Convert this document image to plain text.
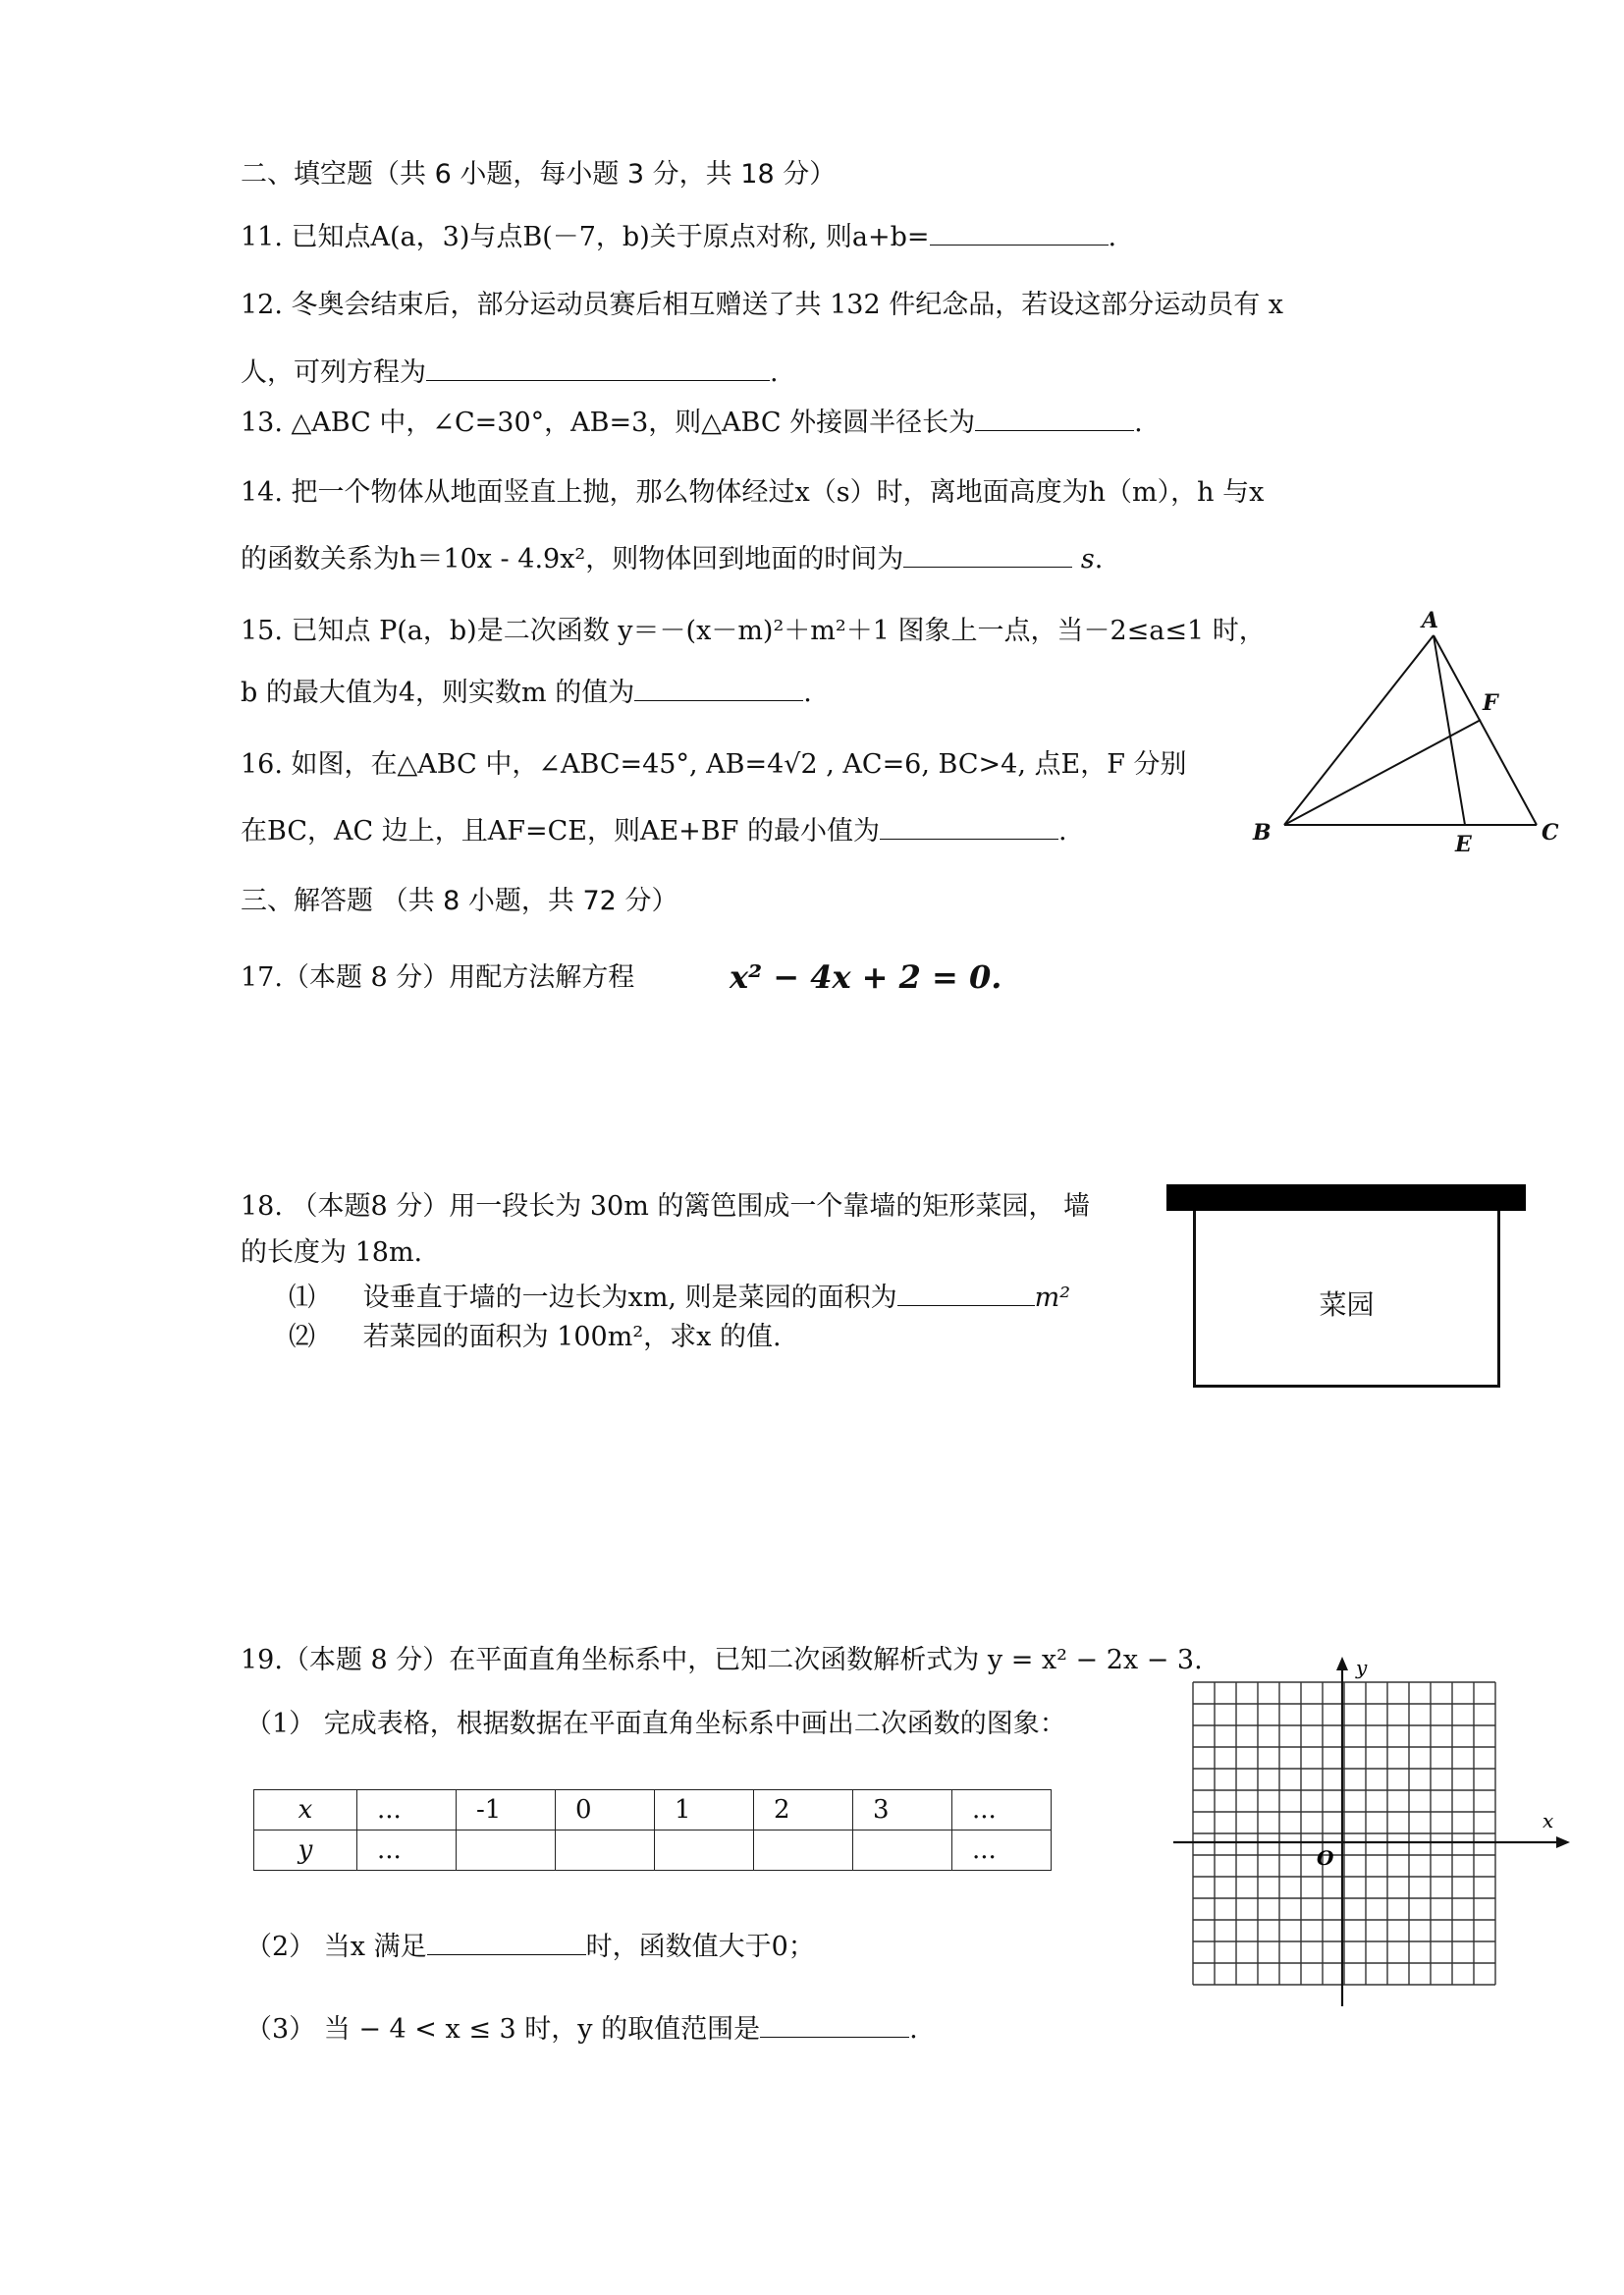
二、填空题（共 6 小题，每小题 3 分，共 18 分）
11. 已知点A(a，3)与点B(－7，b)关于原点对称, 则a+b=	.
12. 冬奥会结束后，部分运动员赛后相互赠送了共 132 件纪念品，若设这部分运动员有 x
人，可列方程为	.
13. △ABC 中，∠C=30°，AB=3，则△ABC 外接圆半径长为	.
14. 把一个物体从地面竖直上抛，那么物体经过x（s）时，离地面高度为h（m），h 与x
的函数关系为h＝10x - 4.9x²，则物体回到地面的时间为	s.
15. 已知点 P(a，b)是二次函数 y＝－(x－m)²＋m²＋1 图象上一点，当－2≤a≤1 时，
b 的最大值为4，则实数m 的值为	.
16. 如图，在△ABC 中，∠ABC=45°, AB=4√2 , AC=6, BC>4, 点E，F 分别
在BC，AC 边上，且AF=CE，则AE+BF 的最小值为	.
A
B	C
E
F
三、解答题 （共 8 小题，共 72 分）
17.（本题 8 分）用配方法解方程	x² − 4x + 2 = 0.
18. （本题8 分）用一段长为 30m 的篱笆围成一个靠墙的矩形菜园， 墙
的长度为 18m.
⑴ 设垂直于墙的一边长为xm, 则是菜园的面积为	m²
⑵ 若菜园的面积为 100m²，求x 的值.
菜园
19.（本题 8 分）在平面直角坐标系中，已知二次函数解析式为 y = x² − 2x − 3.
（1） 完成表格，根据数据在平面直角坐标系中画出二次函数的图象：
x	...	-1	0	1	2	3	...
y	...						...
（2） 当x 满足	时，函数值大于0；
（3） 当 − 4 < x ≤ 3 时，y 的取值范围是	.
y
x
O
